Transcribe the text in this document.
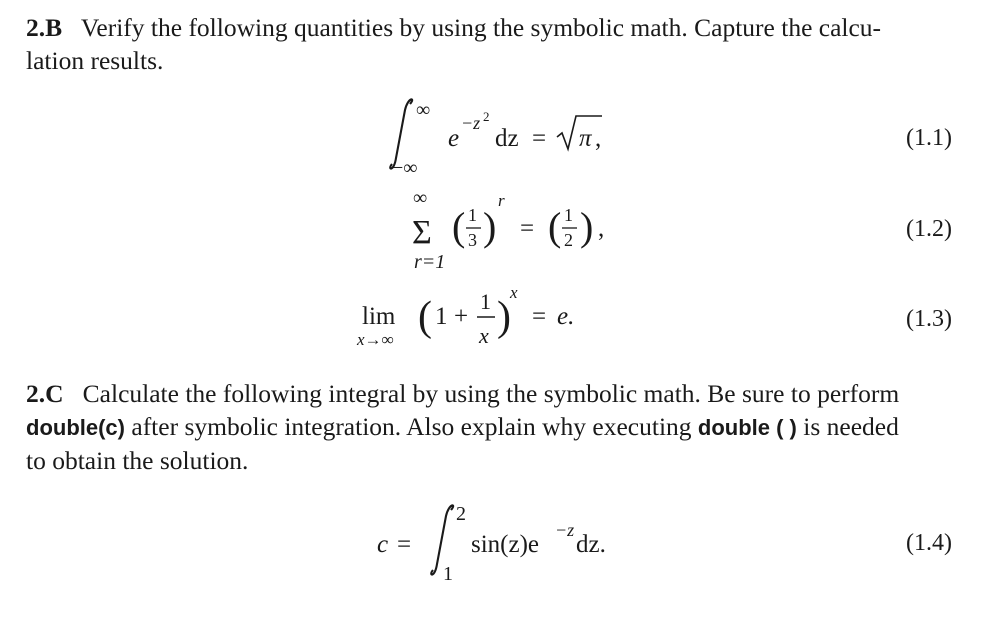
2.B Verify the following quantities by using the symbolic math. Capture the calcu-
lation results.
∞
−∞
e
−z 2
dz = π ,	(1.1)
∞
Σ
r=1
( 1
3 )
r
= ( 1
2 ) ,	(1.2)
lim
x→∞ ( 1 +
1
x )
x
= e.	(1.3)
2.C Calculate the following integral by using the symbolic math. Be sure to perform
double(c) after symbolic integration. Also explain why executing double ( ) is needed
to obtain the solution.
c =
2
1
sin(z)e
−z
dz.	(1.4)
